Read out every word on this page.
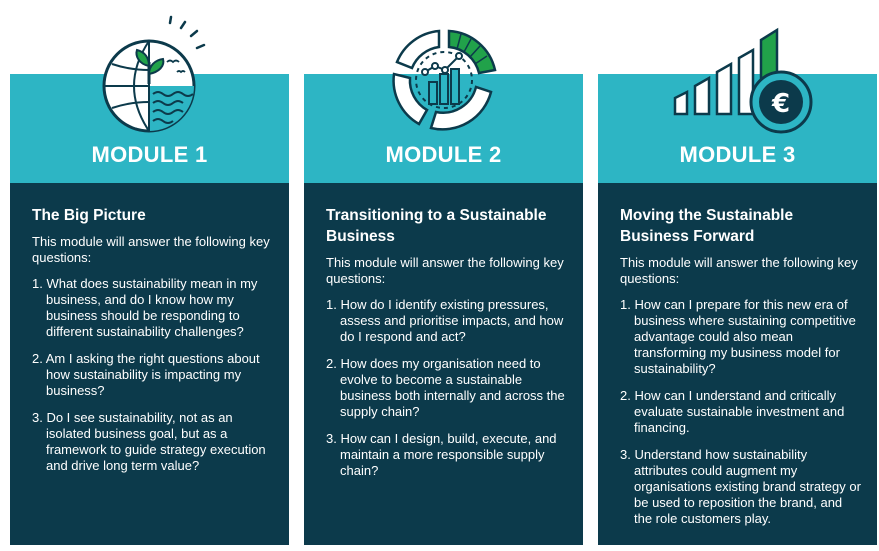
MODULE 1
The Big Picture

This module will answer the following key questions:

1. What does sustainability mean in my business, and do I know how my business should be responding to different sustainability challenges?
2. Am I asking the right questions about how sustainability is impacting my business?
3. Do I see sustainability, not as an isolated business goal, but as a framework to guide strategy execution and drive long term value?
MODULE 2
Transitioning to a Sustainable Business

This module will answer the following key questions:

1. How do I identify existing pressures, assess and prioritise impacts, and how do I respond and act?
2. How does my organisation need to evolve to become a sustainable business both internally and across the supply chain?
3. How can I design, build, execute, and maintain a more responsible supply chain?
€
MODULE 3
Moving the Sustainable Business Forward

This module will answer the following key questions:

1. How can I prepare for this new era of business where sustaining competitive advantage could also mean transforming my business model for sustainability?
2. How can I understand and critically evaluate sustainable investment and financing.
3. Understand how sustainability attributes could augment my organisations existing brand strategy or be used to reposition the brand, and the role customers play.
